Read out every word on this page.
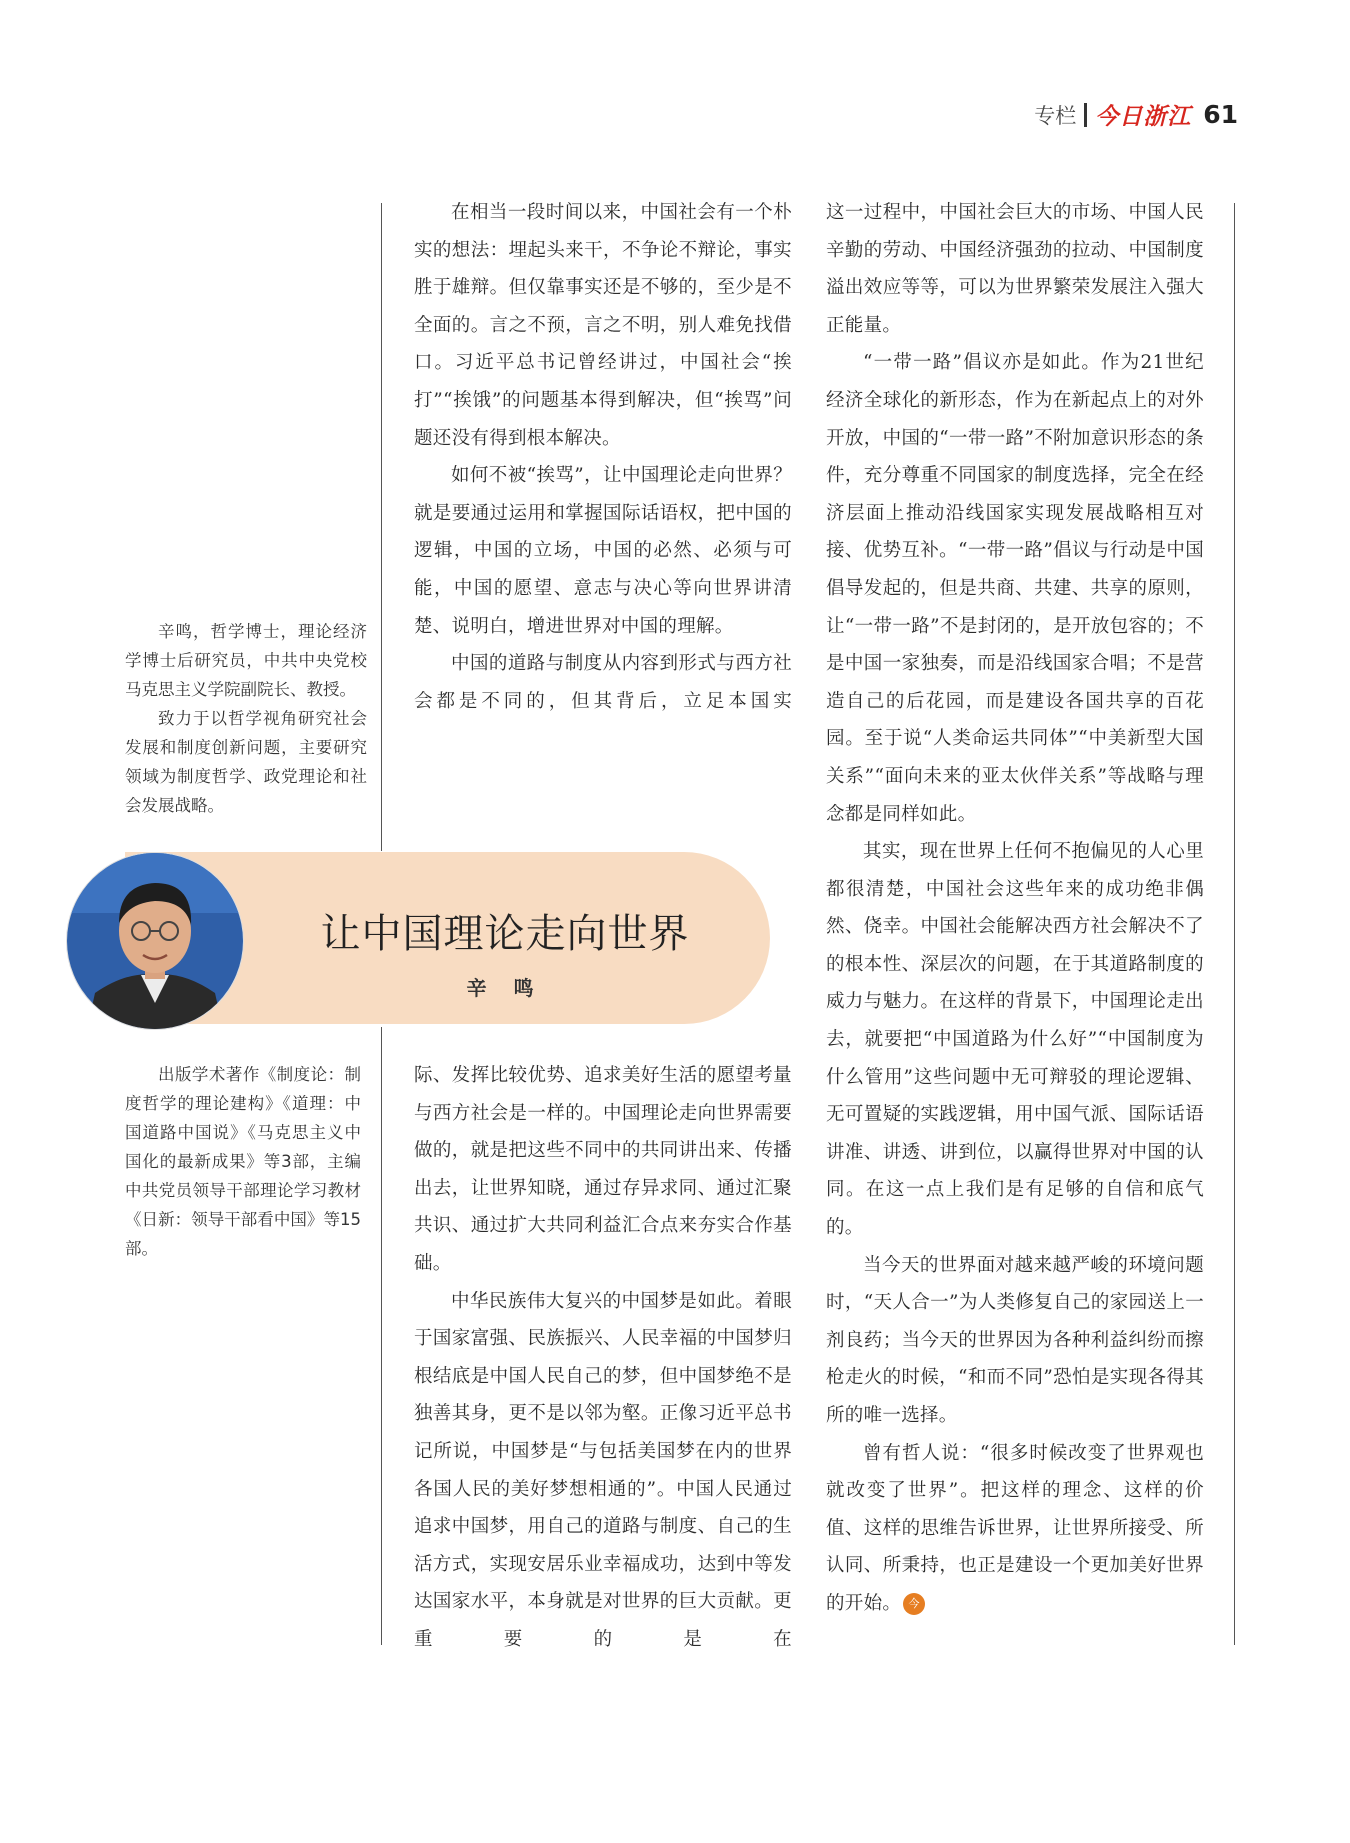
专栏 今日浙江 61

辛鸣，哲学博士，理论经济学博士后研究员，中共中央党校马克思主义学院副院长、教授。

致力于以哲学视角研究社会发展和制度创新问题，主要研究领域为制度哲学、政党理论和社会发展战略。

让中国理论走向世界
辛 鸣

出版学术著作《制度论：制度哲学的理论建构》《道理：中国道路中国说》《马克思主义中国化的最新成果》等3部，主编中共党员领导干部理论学习教材《日新：领导干部看中国》等15部。

在相当一段时间以来，中国社会有一个朴实的想法：埋起头来干，不争论不辩论，事实胜于雄辩。但仅靠事实还是不够的，至少是不全面的。言之不预，言之不明，别人难免找借口。习近平总书记曾经讲过，中国社会“挨打”“挨饿”的问题基本得到解决，但“挨骂”问题还没有得到根本解决。

如何不被“挨骂”，让中国理论走向世界？就是要通过运用和掌握国际话语权，把中国的逻辑，中国的立场，中国的必然、必须与可能，中国的愿望、意志与决心等向世界讲清楚、说明白，增进世界对中国的理解。

中国的道路与制度从内容到形式与西方社会都是不同的，但其背后，立足本国实

际、发挥比较优势、追求美好生活的愿望考量与西方社会是一样的。中国理论走向世界需要做的，就是把这些不同中的共同讲出来、传播出去，让世界知晓，通过存异求同、通过汇聚共识、通过扩大共同利益汇合点来夯实合作基础。

中华民族伟大复兴的中国梦是如此。着眼于国家富强、民族振兴、人民幸福的中国梦归根结底是中国人民自己的梦，但中国梦绝不是独善其身，更不是以邻为壑。正像习近平总书记所说，中国梦是“与包括美国梦在内的世界各国人民的美好梦想相通的”。中国人民通过追求中国梦，用自己的道路与制度、自己的生活方式，实现安居乐业幸福成功，达到中等发达国家水平，本身就是对世界的巨大贡献。更重要的是在

这一过程中，中国社会巨大的市场、中国人民辛勤的劳动、中国经济强劲的拉动、中国制度溢出效应等等，可以为世界繁荣发展注入强大正能量。

“一带一路”倡议亦是如此。作为21世纪经济全球化的新形态，作为在新起点上的对外开放，中国的“一带一路”不附加意识形态的条件，充分尊重不同国家的制度选择，完全在经济层面上推动沿线国家实现发展战略相互对接、优势互补。“一带一路”倡议与行动是中国倡导发起的，但是共商、共建、共享的原则，让“一带一路”不是封闭的，是开放包容的；不是中国一家独奏，而是沿线国家合唱；不是营造自己的后花园，而是建设各国共享的百花园。至于说“人类命运共同体”“中美新型大国关系”“面向未来的亚太伙伴关系”等战略与理念都是同样如此。

其实，现在世界上任何不抱偏见的人心里都很清楚，中国社会这些年来的成功绝非偶然、侥幸。中国社会能解决西方社会解决不了的根本性、深层次的问题，在于其道路制度的威力与魅力。在这样的背景下，中国理论走出去，就要把“中国道路为什么好”“中国制度为什么管用”这些问题中无可辩驳的理论逻辑、无可置疑的实践逻辑，用中国气派、国际话语讲准、讲透、讲到位，以赢得世界对中国的认同。在这一点上我们是有足够的自信和底气的。

当今天的世界面对越来越严峻的环境问题时，“天人合一”为人类修复自己的家园送上一剂良药；当今天的世界因为各种利益纠纷而擦枪走火的时候，“和而不同”恐怕是实现各得其所的唯一选择。

曾有哲人说：“很多时候改变了世界观也就改变了世界”。把这样的理念、这样的价值、这样的思维告诉世界，让世界所接受、所认同、所秉持，也正是建设一个更加美好世界的开始。 今
